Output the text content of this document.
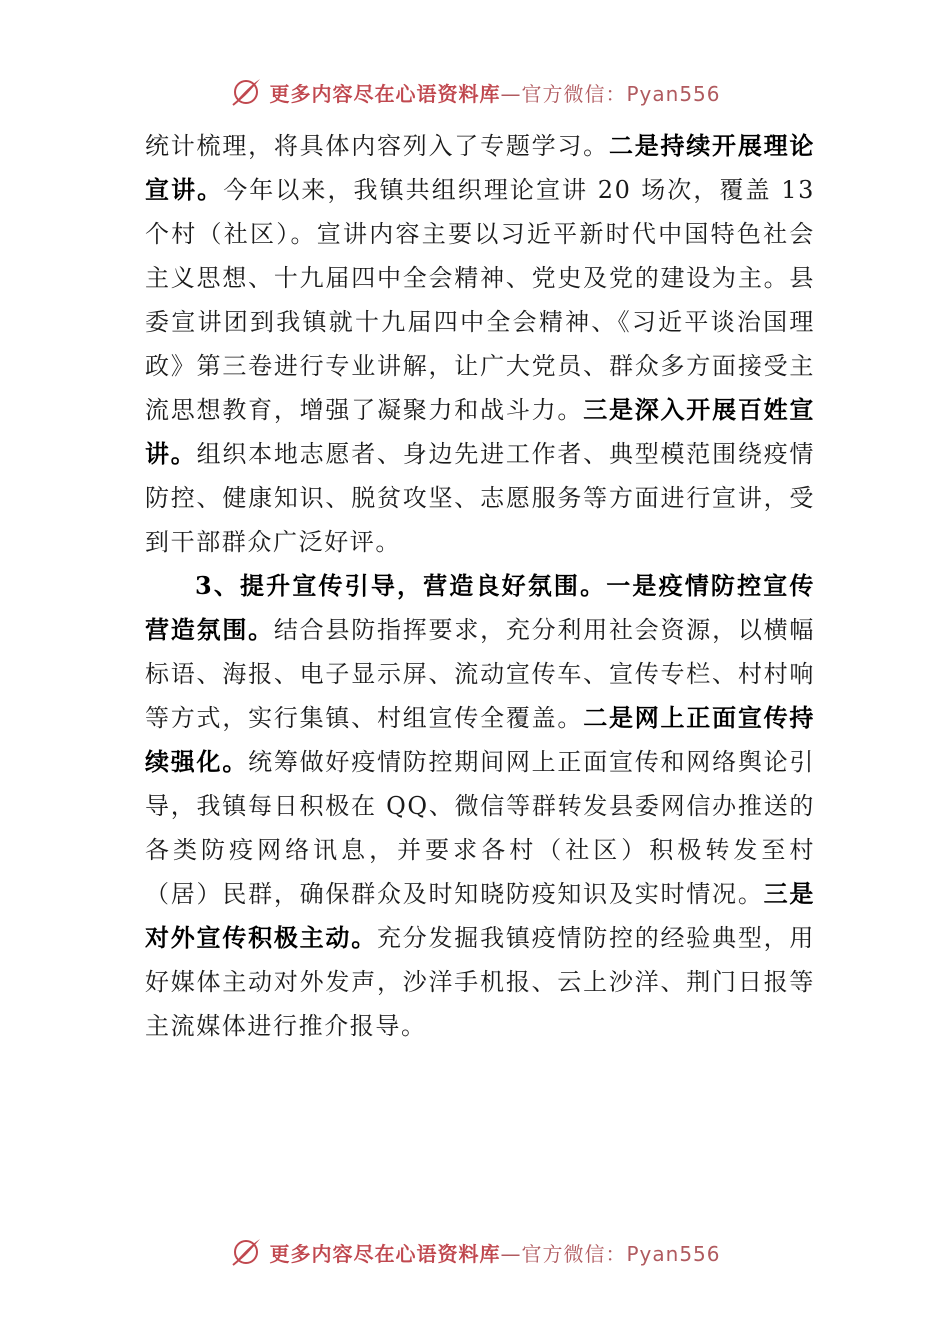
更多内容尽在心语资料库—官方微信：Pyan556

统计梳理，将具体内容列入了专题学习。二是持续开展理论宣讲。今年以来，我镇共组织理论宣讲 20 场次，覆盖 13 个村（社区）。宣讲内容主要以习近平新时代中国特色社会主义思想、十九届四中全会精神、党史及党的建设为主。县委宣讲团到我镇就十九届四中全会精神、《习近平谈治国理政》第三卷进行专业讲解，让广大党员、群众多方面接受主流思想教育，增强了凝聚力和战斗力。三是深入开展百姓宣讲。组织本地志愿者、身边先进工作者、典型模范围绕疫情防控、健康知识、脱贫攻坚、志愿服务等方面进行宣讲，受到干部群众广泛好评。

3、提升宣传引导，营造良好氛围。一是疫情防控宣传营造氛围。结合县防指挥要求，充分利用社会资源，以横幅标语、海报、电子显示屏、流动宣传车、宣传专栏、村村响等方式，实行集镇、村组宣传全覆盖。二是网上正面宣传持续强化。统筹做好疫情防控期间网上正面宣传和网络舆论引导，我镇每日积极在 QQ、微信等群转发县委网信办推送的各类防疫网络讯息，并要求各村（社区）积极转发至村（居）民群，确保群众及时知晓防疫知识及实时情况。三是对外宣传积极主动。充分发掘我镇疫情防控的经验典型，用好媒体主动对外发声，沙洋手机报、云上沙洋、荆门日报等主流媒体进行推介报导。

更多内容尽在心语资料库—官方微信：Pyan556
